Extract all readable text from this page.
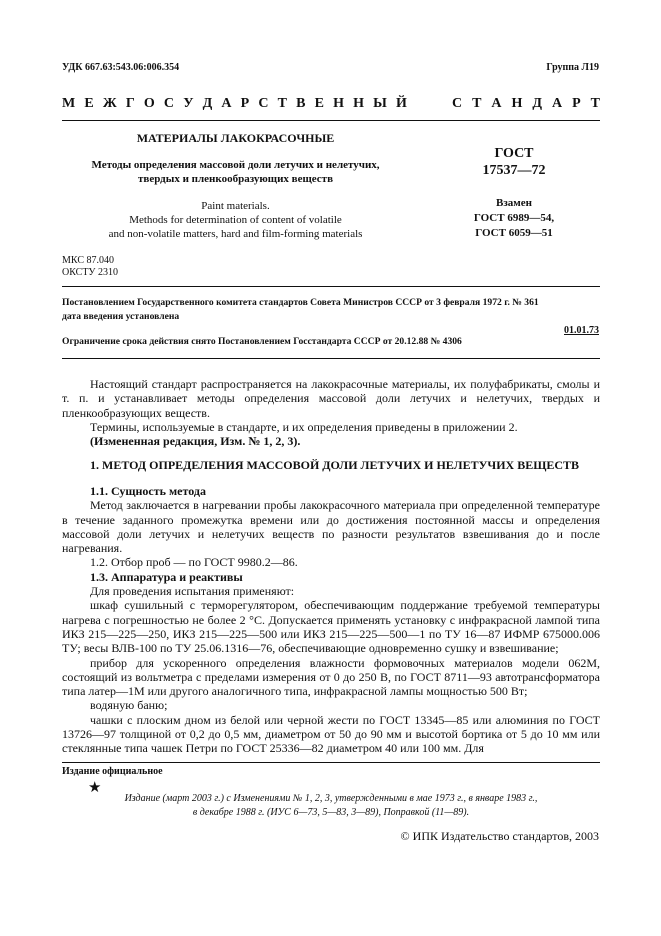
УДК 667.63:543.06:006.354	Группа Л19
М Е Ж Г О С У Д А Р С Т В Е Н Н Ы Й	С Т А Н Д А Р Т
МАТЕРИАЛЫ ЛАКОКРАСОЧНЫЕ
Методы определения массовой доли летучих и нелетучих,
твердых и пленкообразующих веществ
Paint materials.
Methods for determination of content of volatile
and non-volatile matters, hard and film-forming materials
ГОСТ
17537—72
Взамен
ГОСТ 6989—54,
ГОСТ 6059—51
МКС 87.040
ОКСТУ 2310
Постановлением Государственного комитета стандартов Совета Министров СССР от 3 февраля 1972 г. № 361
дата введения установлена
01.01.73
Ограничение срока действия снято Постановлением Госстандарта СССР от 20.12.88 № 4306

Настоящий стандарт распространяется на лакокрасочные материалы, их полуфабрикаты, смолы и т. п. и устанавливает методы определения массовой доли летучих и нелетучих, твердых и пленкообразующих веществ.

Термины, используемые в стандарте, и их определения приведены в приложении 2.

(Измененная редакция, Изм. № 1, 2, 3).

1. МЕТОД ОПРЕДЕЛЕНИЯ МАССОВОЙ ДОЛИ ЛЕТУЧИХ И НЕЛЕТУЧИХ ВЕЩЕСТВ

1.1. Сущность метода

Метод заключается в нагревании пробы лакокрасочного материала при определенной температуре в течение заданного промежутка времени или до достижения постоянной массы и определения массовой доли летучих и нелетучих веществ по разности результатов взвешивания до и после нагревания.

1.2. Отбор проб — по ГОСТ 9980.2—86.

1.3. Аппаратура и реактивы

Для проведения испытания применяют:

шкаф сушильный с терморегулятором, обеспечивающим поддержание требуемой температуры нагрева с погрешностью не более 2 °С. Допускается применять установку с инфракрасной лампой типа ИКЗ 215—225—250, ИКЗ 215—225—500 или ИКЗ 215—225—500—1 по ТУ 16—87 ИФМР 675000.006 ТУ; весы ВЛВ-100 по ТУ 25.06.1316—76, обеспечивающие одновременно сушку и взвешивание;

прибор для ускоренного определения влажности формовочных материалов модели 062М, состоящий из вольтметра с пределами измерения от 0 до 250 В, по ГОСТ 8711—93 автотрансформатора типа латер—1М или другого аналогичного типа, инфракрасной лампы мощностью 500 Вт;

водяную баню;

чашки с плоским дном из белой или черной жести по ГОСТ 13345—85 или алюминия по ГОСТ 13726—97 толщиной от 0,2 до 0,5 мм, диаметром от 50 до 90 мм и высотой бортика от 5 до 10 мм или стеклянные типа чашек Петри по ГОСТ 25336—82 диаметром 40 или 100 мм. Для

Издание официальное
★
Издание (март 2003 г.) с Изменениями № 1, 2, 3, утвержденными в мае 1973 г., в январе 1983 г.,
в декабре 1988 г. (ИУС 6—73, 5—83, 3—89), Поправкой (11—89).
© ИПК Издательство стандартов, 2003
